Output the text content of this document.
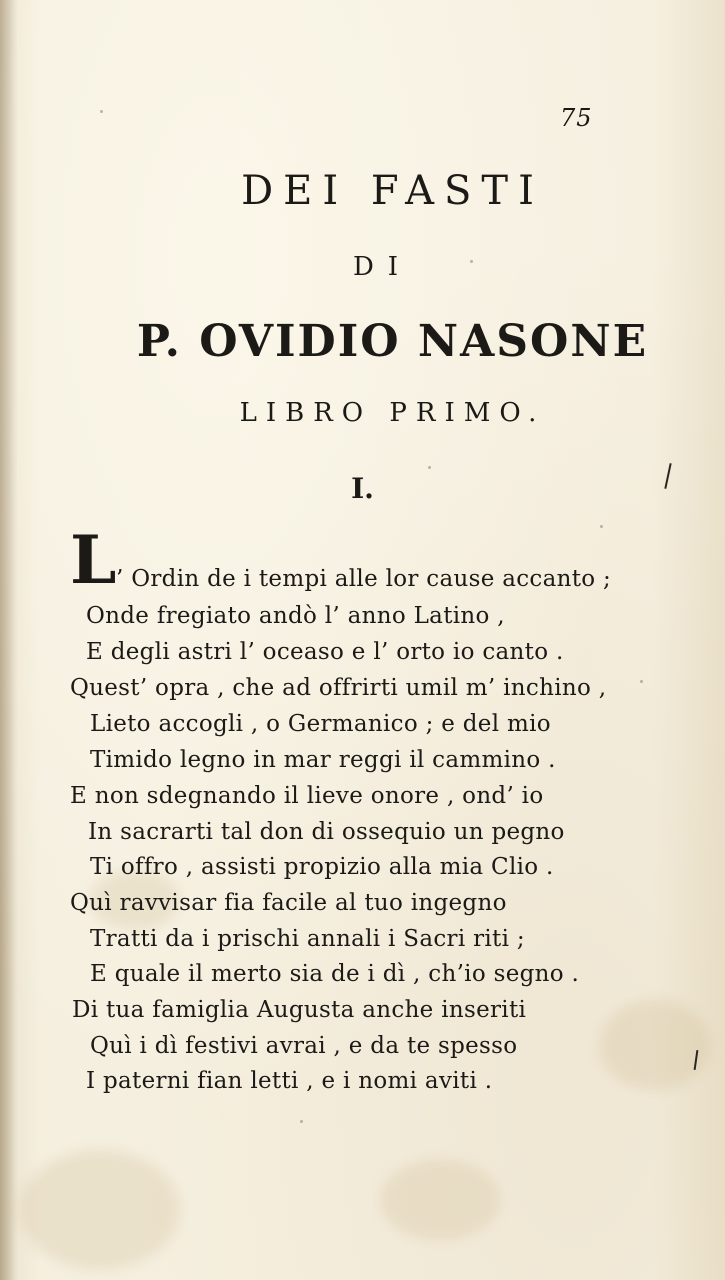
75
DEI FASTI
DI
P. OVIDIO NASONE
LIBRO PRIMO.
I.
L ’ Ordin de i tempi alle lor cause accanto ;
Onde fregiato andò l’ anno Latino ,
E degli astri l’ oceaso e l’ orto io canto .
Quest’ opra , che ad offrirti umil m’ inchino ,
Lieto accogli , o Germanico ; e del mio
Timido legno in mar reggi il cammino .
E non sdegnando il lieve onore , ond’ io
In sacrarti tal don di ossequio un pegno
Ti offro , assisti propizio alla mia Clio .
Quì ravvisar fia facile al tuo ingegno
Tratti da i prischi annali i Sacri riti ;
E quale il merto sia de i dì , ch’io segno .
Di tua famiglia Augusta anche inseriti
Quì i dì festivi avrai , e da te spesso
I paterni fian letti , e i nomi aviti .
